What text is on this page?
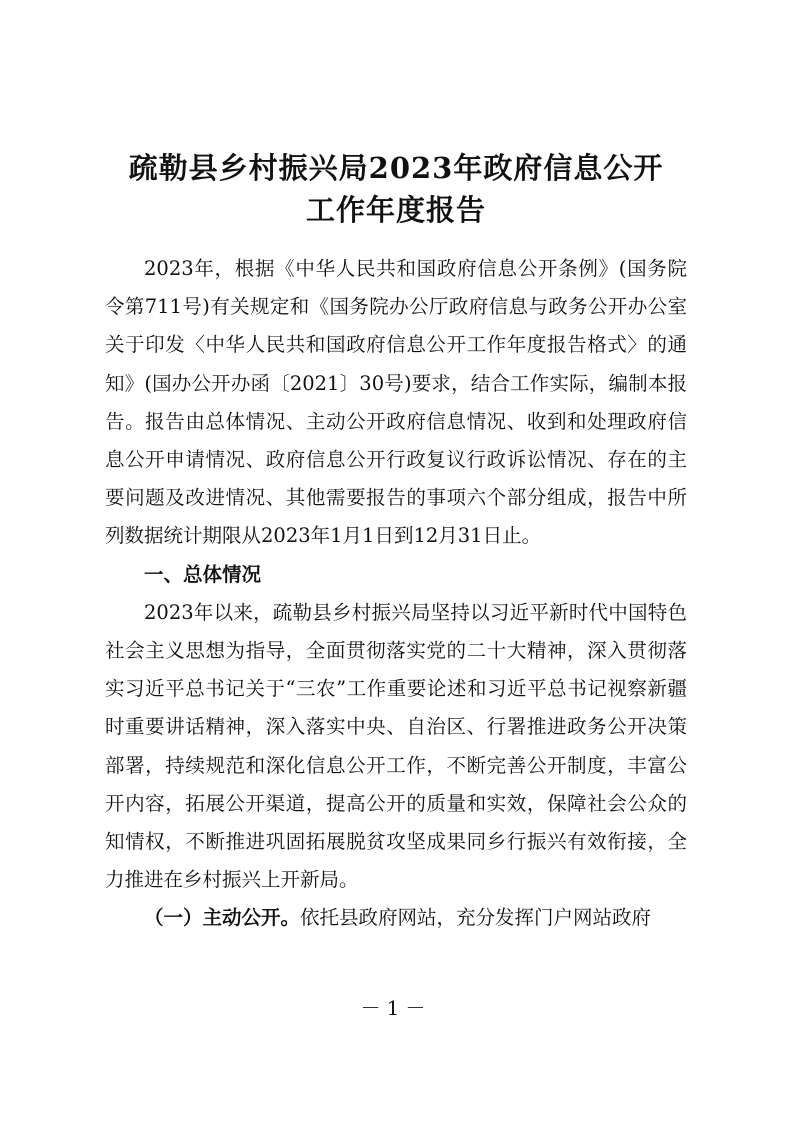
疏勒县乡村振兴局2023年政府信息公开
工作年度报告

2023年，根据《中华人民共和国政府信息公开条例》(国务院令第711号)有关规定和《国务院办公厅政府信息与政务公开办公室关于印发〈中华人民共和国政府信息公开工作年度报告格式〉的通知》(国办公开办函〔2021〕30号)要求，结合工作实际，编制本报告。报告由总体情况、主动公开政府信息情况、收到和处理政府信息公开申请情况、政府信息公开行政复议行政诉讼情况、存在的主要问题及改进情况、其他需要报告的事项六个部分组成，报告中所列数据统计期限从2023年1月1日到12月31日止。

一、总体情况

2023年以来，疏勒县乡村振兴局坚持以习近平新时代中国特色社会主义思想为指导，全面贯彻落实党的二十大精神，深入贯彻落实习近平总书记关于“三农”工作重要论述和习近平总书记视察新疆时重要讲话精神，深入落实中央、自治区、行署推进政务公开决策部署，持续规范和深化信息公开工作，不断完善公开制度，丰富公开内容，拓展公开渠道，提高公开的质量和实效，保障社会公众的知情权，不断推进巩固拓展脱贫攻坚成果同乡行振兴有效衔接，全力推进在乡村振兴上开新局。

（一）主动公开。依托县政府网站，充分发挥门户网站政府

－1－
